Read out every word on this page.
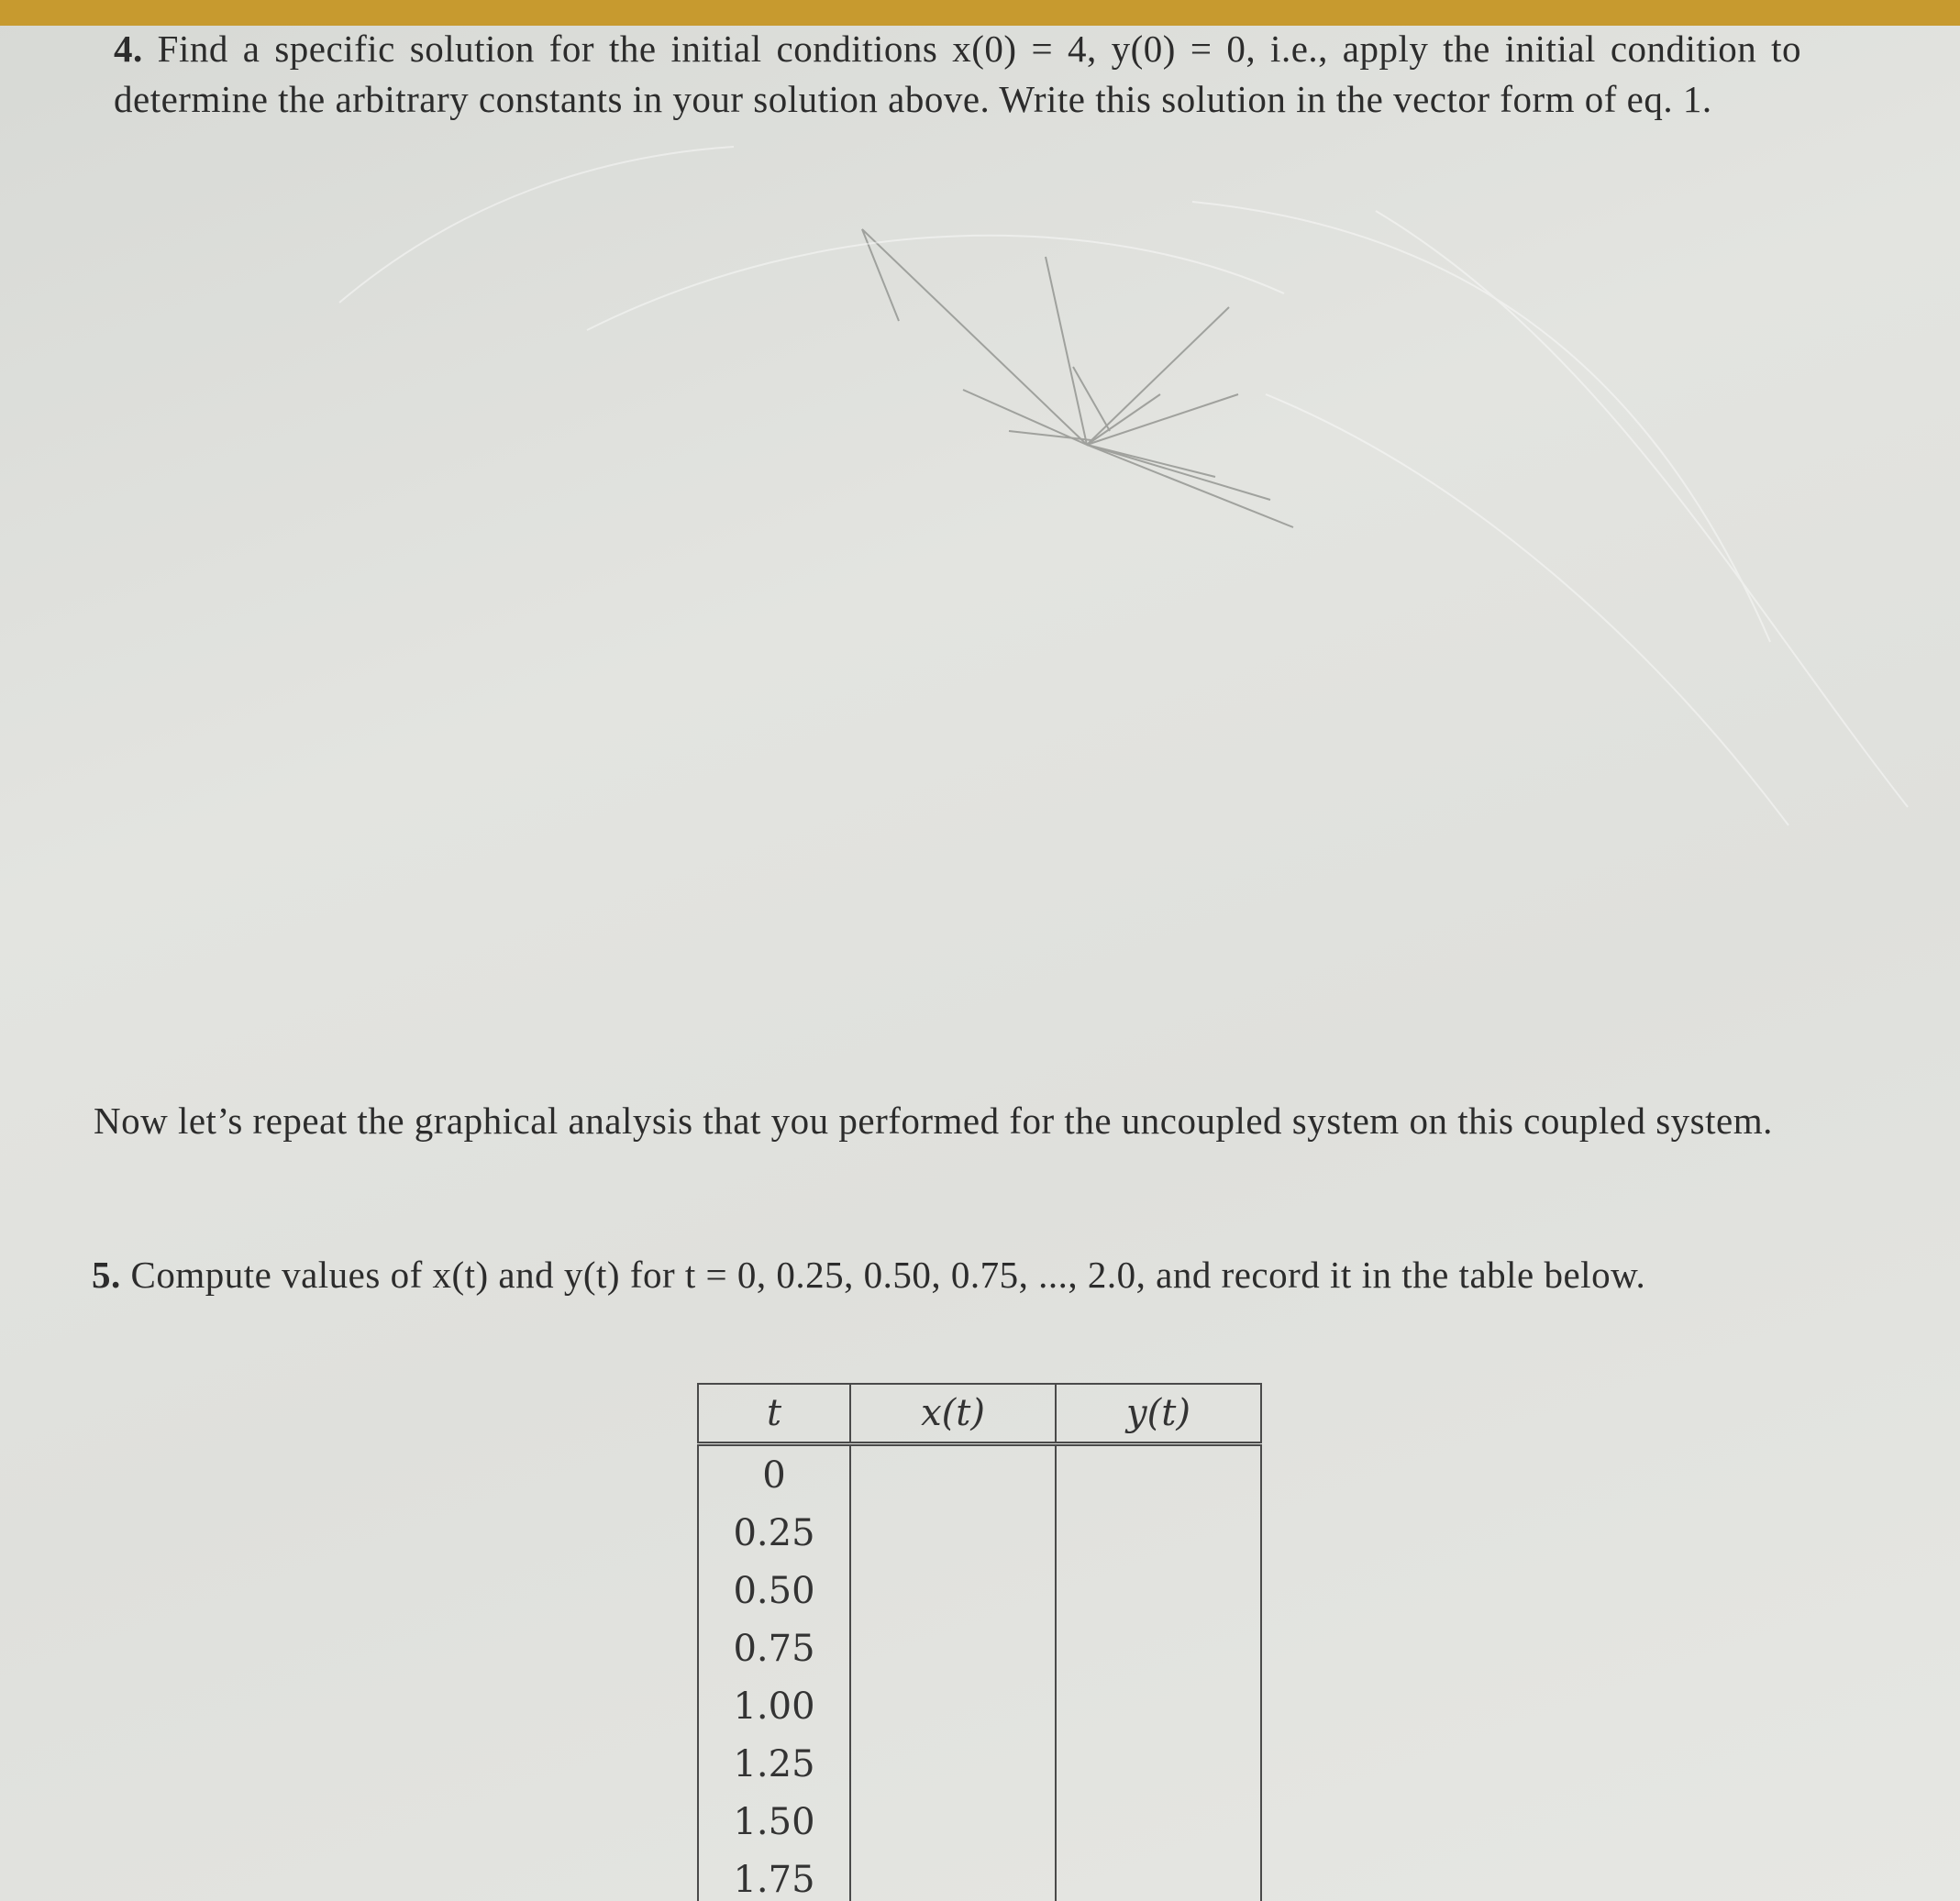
4. Find a specific solution for the initial conditions x(0) = 4, y(0) = 0, i.e., apply the initial condition to determine the arbitrary constants in your solution above. Write this solution in the vector form of eq. 1.
Now let’s repeat the graphical analysis that you performed for the uncoupled system on this coupled system.
5. Compute values of x(t) and y(t) for t = 0, 0.25, 0.50, 0.75, ..., 2.0, and record it in the table below.
t	x(t)	y(t)
0		
0.25		
0.50		
0.75		
1.00		
1.25		
1.50		
1.75		
